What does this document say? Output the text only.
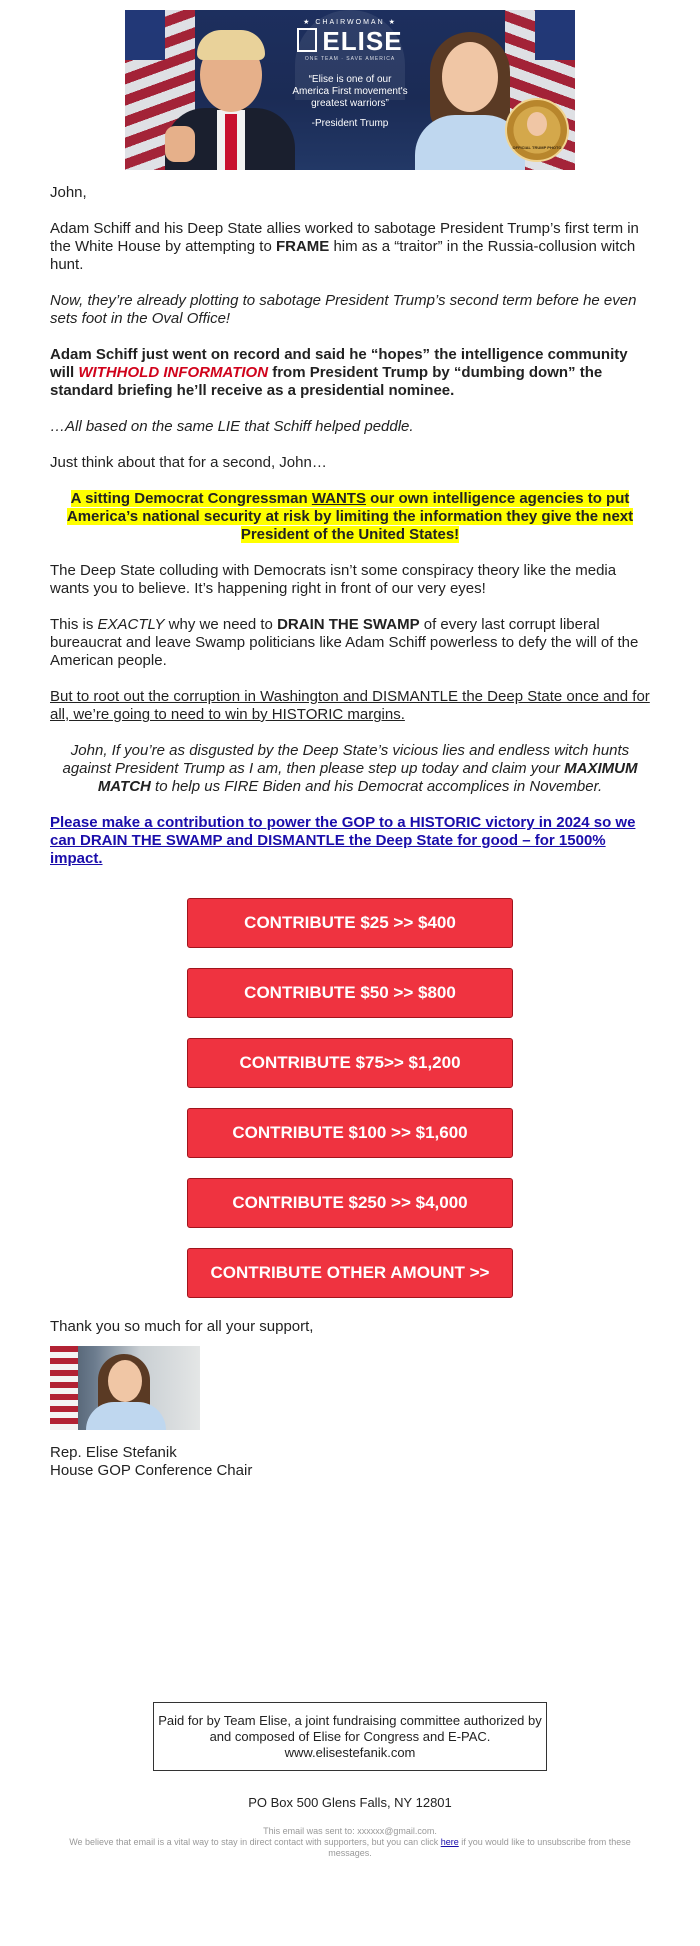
★ CHAIRWOMAN ★
ELISE
ONE TEAM · SAVE AMERICA
“Elise is one of our America First movement's greatest warriors”
-President Trump
OFFICIAL TRUMP PHOTO

John,

Adam Schiff and his Deep State allies worked to sabotage President Trump’s first term in the White House by attempting to FRAME him as a “traitor” in the Russia-collusion witch hunt.

Now, they’re already plotting to sabotage President Trump’s second term before he even sets foot in the Oval Office!

Adam Schiff just went on record and said he “hopes” the intelligence community will WITHHOLD INFORMATION from President Trump by “dumbing down” the standard briefing he’ll receive as a presidential nominee.

…All based on the same LIE that Schiff helped peddle.

Just think about that for a second, John…

A sitting Democrat Congressman WANTS our own intelligence agencies to put America’s national security at risk by limiting the information they give the next President of the United States!

The Deep State colluding with Democrats isn’t some conspiracy theory like the media wants you to believe. It’s happening right in front of our very eyes!

This is EXACTLY why we need to DRAIN THE SWAMP of every last corrupt liberal bureaucrat and leave Swamp politicians like Adam Schiff powerless to defy the will of the American people.

But to root out the corruption in Washington and DISMANTLE the Deep State once and for all, we’re going to need to win by HISTORIC margins.

John, If you’re as disgusted by the Deep State’s vicious lies and endless witch hunts against President Trump as I am, then please step up today and claim your MAXIMUM MATCH to help us FIRE Biden and his Democrat accomplices in November.

Please make a contribution to power the GOP to a HISTORIC victory in 2024 so we can DRAIN THE SWAMP and DISMANTLE the Deep State for good – for 1500% impact.

CONTRIBUTE $25 >> $400
CONTRIBUTE $50 >> $800
CONTRIBUTE $75>> $1,200
CONTRIBUTE $100 >> $1,600
CONTRIBUTE $250 >> $4,000
CONTRIBUTE OTHER AMOUNT >>

Thank you so much for all your support,

Rep. Elise Stefanik

House GOP Conference Chair

Paid for by Team Elise, a joint fundraising committee authorized by and composed of Elise for Congress and E-PAC. www.elisestefanik.com
PO Box 500 Glens Falls, NY 12801
This email was sent to: xxxxxx@gmail.com.
We believe that email is a vital way to stay in direct contact with supporters, but you can click here if you would like to unsubscribe from these messages.
